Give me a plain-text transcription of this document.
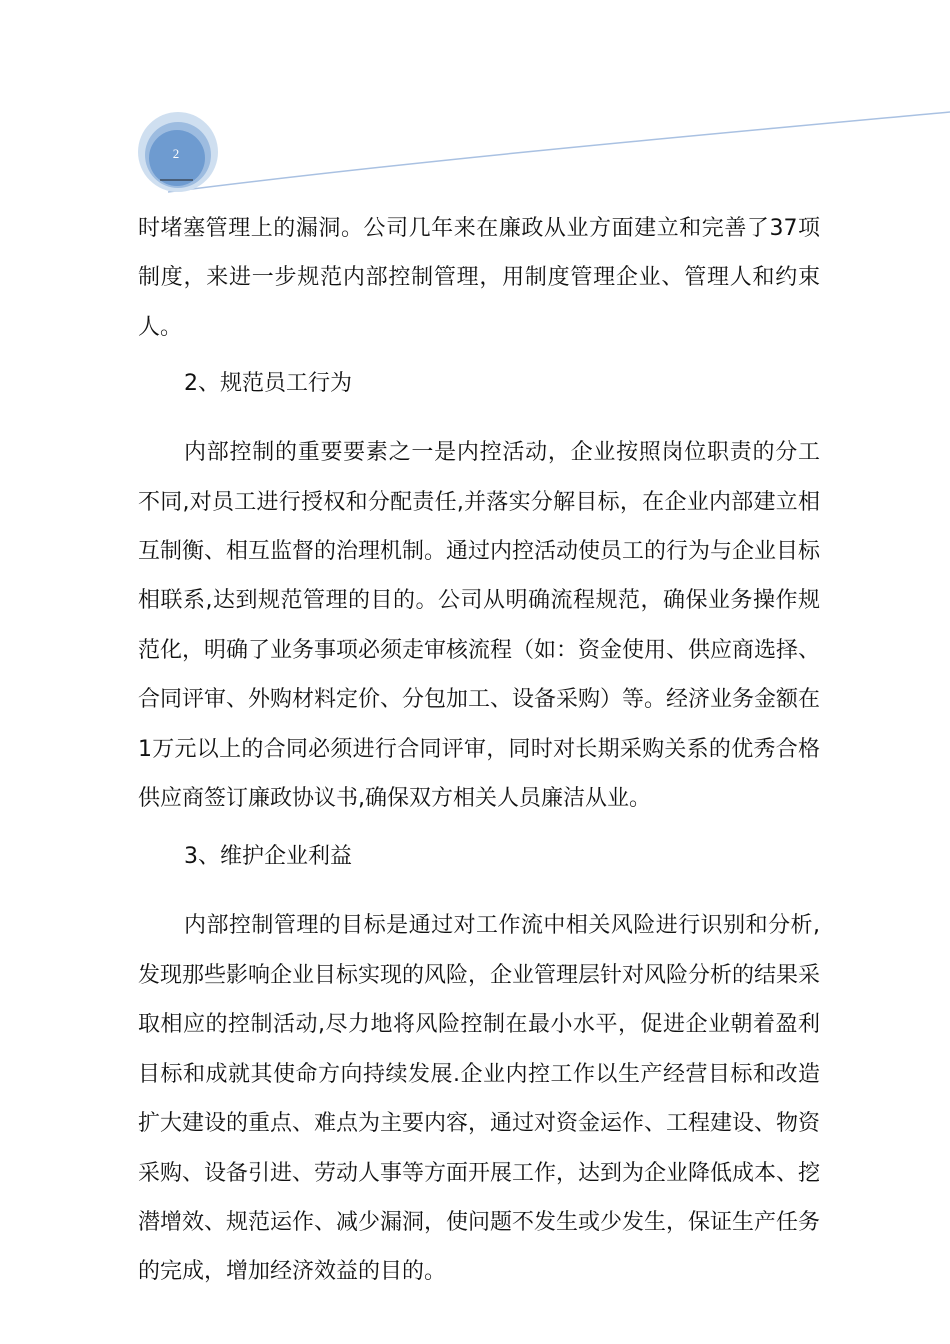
2

时堵塞管理上的漏洞。公司几年来在廉政从业方面建立和完善了37项制度，来进一步规范内部控制管理，用制度管理企业、管理人和约束人。

2、规范员工行为

内部控制的重要要素之一是内控活动，企业按照岗位职责的分工不同,对员工进行授权和分配责任,并落实分解目标，在企业内部建立相互制衡、相互监督的治理机制。通过内控活动使员工的行为与企业目标相联系,达到规范管理的目的。公司从明确流程规范，确保业务操作规范化，明确了业务事项必须走审核流程（如：资金使用、供应商选择、合同评审、外购材料定价、分包加工、设备采购）等。经济业务金额在1万元以上的合同必须进行合同评审，同时对长期采购关系的优秀合格供应商签订廉政协议书,确保双方相关人员廉洁从业。

3、维护企业利益

内部控制管理的目标是通过对工作流中相关风险进行识别和分析,发现那些影响企业目标实现的风险，企业管理层针对风险分析的结果采取相应的控制活动,尽力地将风险控制在最小水平，促进企业朝着盈利目标和成就其使命方向持续发展.企业内控工作以生产经营目标和改造扩大建设的重点、难点为主要内容，通过对资金运作、工程建设、物资采购、设备引进、劳动人事等方面开展工作，达到为企业降低成本、挖潜增效、规范运作、减少漏洞，使问题不发生或少发生，保证生产任务的完成，增加经济效益的目的。
